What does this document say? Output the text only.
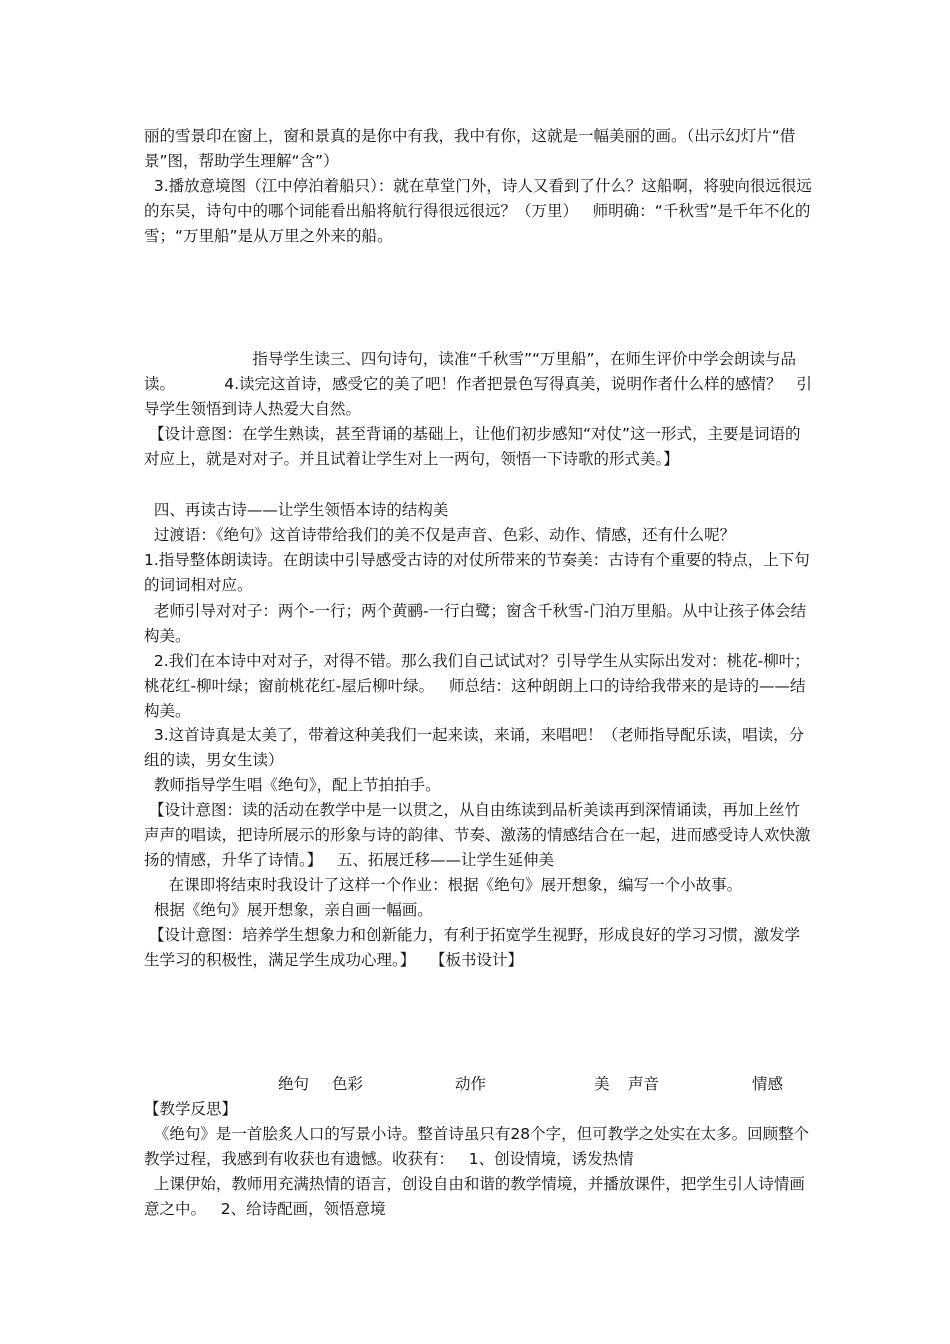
丽的雪景印在窗上，窗和景真的是你中有我，我中有你，这就是一幅美丽的画。（出示幻灯片“借景”图，帮助学生理解“含”）

3.播放意境图（江中停泊着船只）：就在草堂门外，诗人又看到了什么？这船啊，将驶向很远很远的东吴，诗句中的哪个词能看出船将航行得很远很远？（万里）   师明确：“千秋雪”是千年不化的雪；“万里船”是从万里之外来的船。

指导学生读三、四句诗句，读准“千秋雪”“万里船”，在师生评价中学会朗读与品读。          4.读完这首诗，感受它的美了吧！作者把景色写得真美，说明作者什么样的感情？   引导学生领悟到诗人热爱大自然。

【设计意图：在学生熟读，甚至背诵的基础上，让他们初步感知“对仗”这一形式，主要是词语的对应上，就是对对子。并且试着让学生对上一两句，领悟一下诗歌的形式美。】

四、再读古诗——让学生领悟本诗的结构美

过渡语：《绝句》这首诗带给我们的美不仅是声音、色彩、动作、情感，还有什么呢？

1.指导整体朗读诗。在朗读中引导感受古诗的对仗所带来的节奏美：古诗有个重要的特点，上下句的词词相对应。

老师引导对对子：两个-一行；两个黄鹂-一行白鹭；窗含千秋雪-门泊万里船。从中让孩子体会结构美。

2.我们在本诗中对对子，对得不错。那么我们自己试试对？引导学生从实际出发对：桃花-柳叶；桃花红-柳叶绿；窗前桃花红-屋后柳叶绿。   师总结：这种朗朗上口的诗给我带来的是诗的——结构美。

3.这首诗真是太美了，带着这种美我们一起来读，来诵，来唱吧！（老师指导配乐读，唱读，分组的读，男女生读）

教师指导学生唱《绝句》，配上节拍拍手。

【设计意图：读的活动在教学中是一以贯之，从自由练读到品析美读再到深情诵读，再加上丝竹声声的唱读，把诗所展示的形象与诗的韵律、节奏、激荡的情感结合在一起，进而感受诗人欢快激扬的情感，升华了诗情。】   五、拓展迁移——让学生延伸美

在课即将结束时我设计了这样一个作业：根据《绝句》展开想象，编写一个小故事。

根据《绝句》展开想象，亲自画一幅画。

【设计意图：培养学生想象力和创新能力，有利于拓宽学生视野，形成良好的学习习惯，激发学生学习的积极性，满足学生成功心理。】   【板书设计】

绝句 色彩	动作	美 声音	情感

【教学反思】

《绝句》是一首脍炙人口的写景小诗。整首诗虽只有28个字，但可教学之处实在太多。回顾整个教学过程，我感到有收获也有遗憾。收获有：   1、创设情境，诱发热情

上课伊始，教师用充满热情的语言，创设自由和谐的教学情境，并播放课件，把学生引人诗情画意之中。   2、给诗配画，领悟意境
